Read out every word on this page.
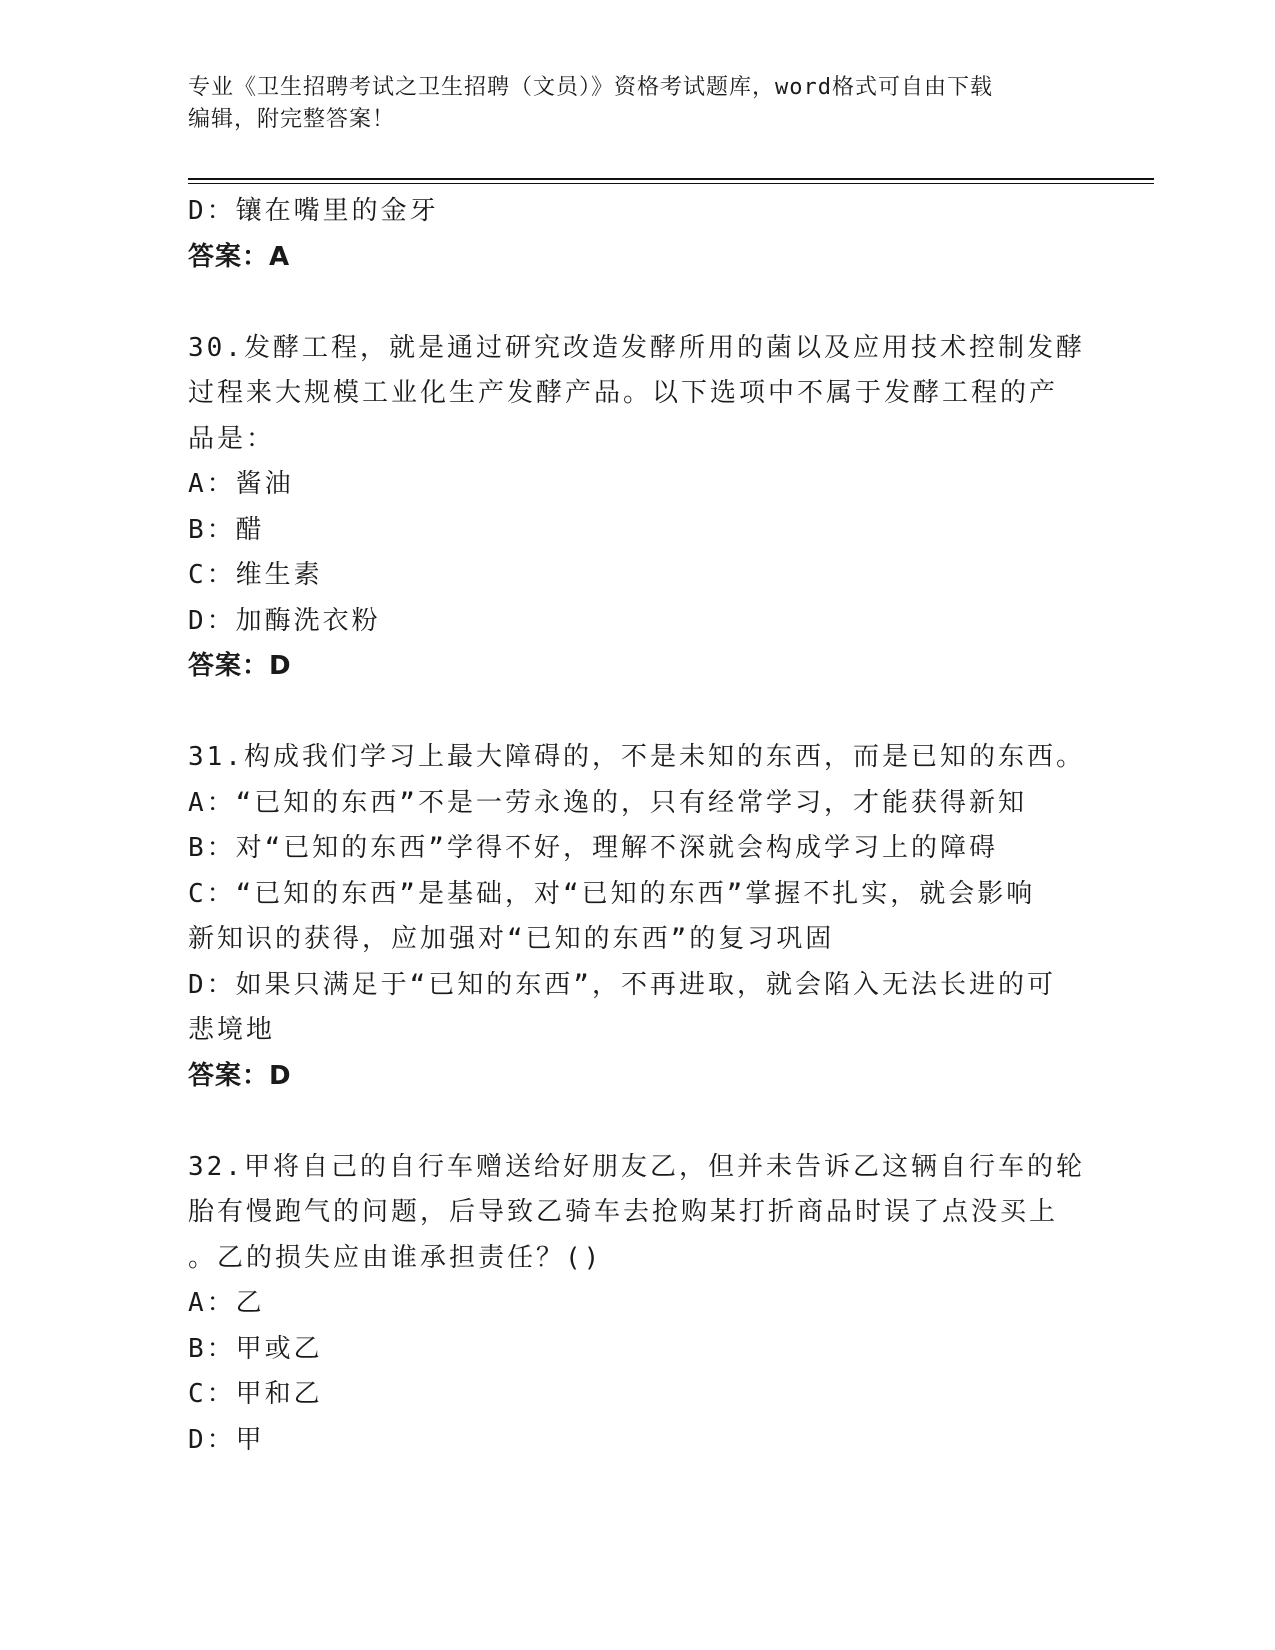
专业《卫生招聘考试之卫生招聘（文员）》资格考试题库，word格式可自由下载
编辑，附完整答案！
D：镶在嘴里的金牙
答案：A
30.发酵工程，就是通过研究改造发酵所用的菌以及应用技术控制发酵
过程来大规模工业化生产发酵产品。以下选项中不属于发酵工程的产
品是：
A：酱油
B：醋
C：维生素
D：加酶洗衣粉
答案：D
31.构成我们学习上最大障碍的，不是未知的东西，而是已知的东西。
A：“已知的东西”不是一劳永逸的，只有经常学习，才能获得新知
B：对“已知的东西”学得不好，理解不深就会构成学习上的障碍
C：“已知的东西”是基础，对“已知的东西”掌握不扎实，就会影响
新知识的获得，应加强对“已知的东西”的复习巩固
D：如果只满足于“已知的东西”，不再进取，就会陷入无法长进的可
悲境地
答案：D
32.甲将自己的自行车赠送给好朋友乙，但并未告诉乙这辆自行车的轮
胎有慢跑气的问题，后导致乙骑车去抢购某打折商品时误了点没买上
。乙的损失应由谁承担责任？()
A：乙
B：甲或乙
C：甲和乙
D：甲
